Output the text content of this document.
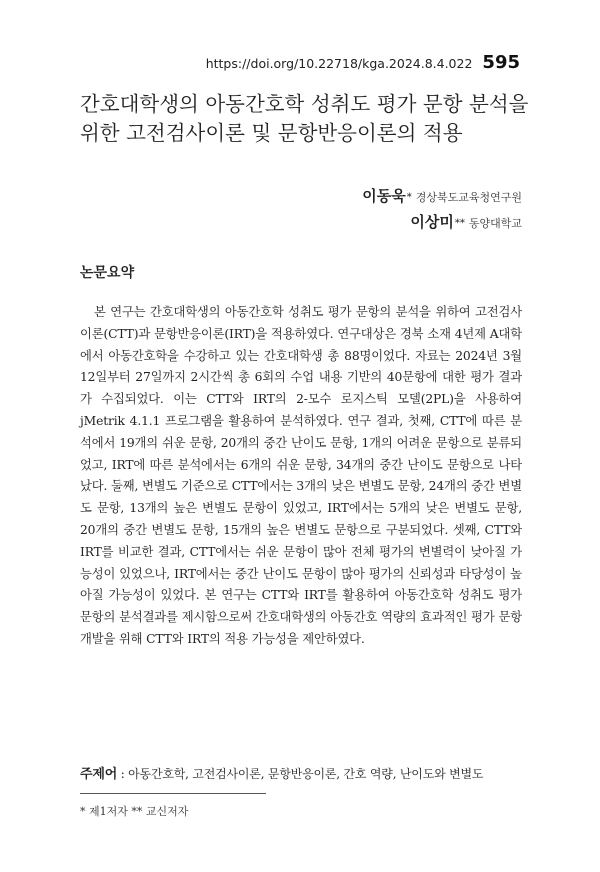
https://doi.org/10.22718/kga.2024.8.4.022 595
간호대학생의 아동간호학 성취도 평가 문항 분석을 위한 고전검사이론 및 문항반응이론의 적용
이동욱* 경상북도교육청연구원
이상미** 동양대학교
논문요약

본 연구는 간호대학생의 아동간호학 성취도 평가 문항의 분석을 위하여 고전검사이론(CTT)과 문항반응이론(IRT)을 적용하였다. 연구대상은 경북 소재 4년제 A대학에서 아동간호학을 수강하고 있는 간호대학생 총 88명이었다. 자료는 2024년 3월 12일부터 27일까지 2시간씩 총 6회의 수업 내용 기반의 40문항에 대한 평가 결과가 수집되었다. 이는 CTT와 IRT의 2-모수 로지스틱 모델(2PL)을 사용하여 jMetrik 4.1.1 프로그램을 활용하여 분석하였다. 연구 결과, 첫째, CTT에 따른 분석에서 19개의 쉬운 문항, 20개의 중간 난이도 문항, 1개의 어려운 문항으로 분류되었고, IRT에 따른 분석에서는 6개의 쉬운 문항, 34개의 중간 난이도 문항으로 나타났다. 둘째, 변별도 기준으로 CTT에서는 3개의 낮은 변별도 문항, 24개의 중간 변별도 문항, 13개의 높은 변별도 문항이 있었고, IRT에서는 5개의 낮은 변별도 문항, 20개의 중간 변별도 문항, 15개의 높은 변별도 문항으로 구분되었다. 셋째, CTT와 IRT를 비교한 결과, CTT에서는 쉬운 문항이 많아 전체 평가의 변별력이 낮아질 가능성이 있었으나, IRT에서는 중간 난이도 문항이 많아 평가의 신뢰성과 타당성이 높아질 가능성이 있었다. 본 연구는 CTT와 IRT를 활용하여 아동간호학 성취도 평가 문항의 분석결과를 제시함으로써 간호대학생의 아동간호 역량의 효과적인 평가 문항 개발을 위해 CTT와 IRT의 적용 가능성을 제안하였다.

주제어 : 아동간호학, 고전검사이론, 문항반응이론, 간호 역량, 난이도와 변별도
* 제1저자 ** 교신저자
